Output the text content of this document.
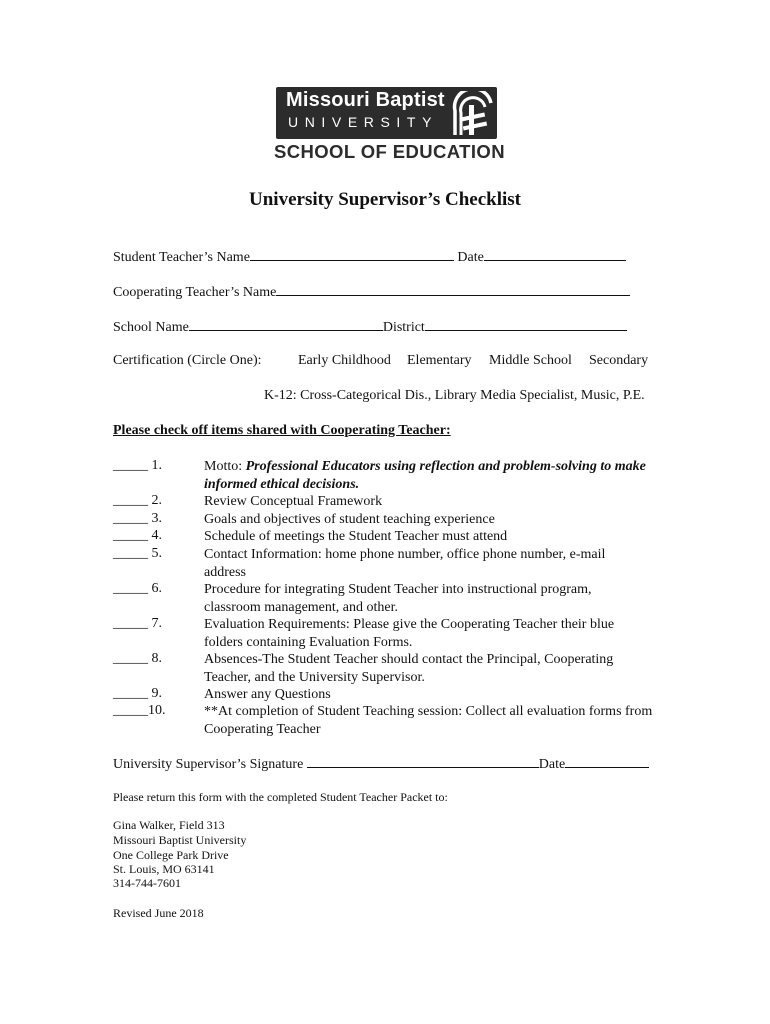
Missouri Baptist
UNIVERSITY
SCHOOL OF EDUCATION
University Supervisor’s Checklist
Student Teacher’s Name	Date
Cooperating Teacher’s Name
School Name	District
Certification (Circle One):	Early Childhood Elementary Middle School Secondary
K-12: Cross-Categorical Dis., Library Media Specialist, Music, P.E.
Please check off items shared with Cooperating Teacher:
_____ 1.	Motto: Professional Educators using reflection and problem-solving to make informed ethical decisions.
_____ 2.	Review Conceptual Framework
_____ 3.	Goals and objectives of student teaching experience
_____ 4.	Schedule of meetings the Student Teacher must attend
_____ 5.	Contact Information: home phone number, office phone number, e-mail address
_____ 6.	Procedure for integrating Student Teacher into instructional program, classroom management, and other.
_____ 7.	Evaluation Requirements: Please give the Cooperating Teacher their blue folders containing Evaluation Forms.
_____ 8.	Absences-The Student Teacher should contact the Principal, Cooperating Teacher, and the University Supervisor.
_____ 9.	Answer any Questions
_____10.	**At completion of Student Teaching session: Collect all evaluation forms from Cooperating Teacher
University Supervisor’s Signature	Date
Please return this form with the completed Student Teacher Packet to:
Gina Walker, Field 313
Missouri Baptist University
One College Park Drive
St. Louis, MO 63141
314-744-7601
Revised June 2018
